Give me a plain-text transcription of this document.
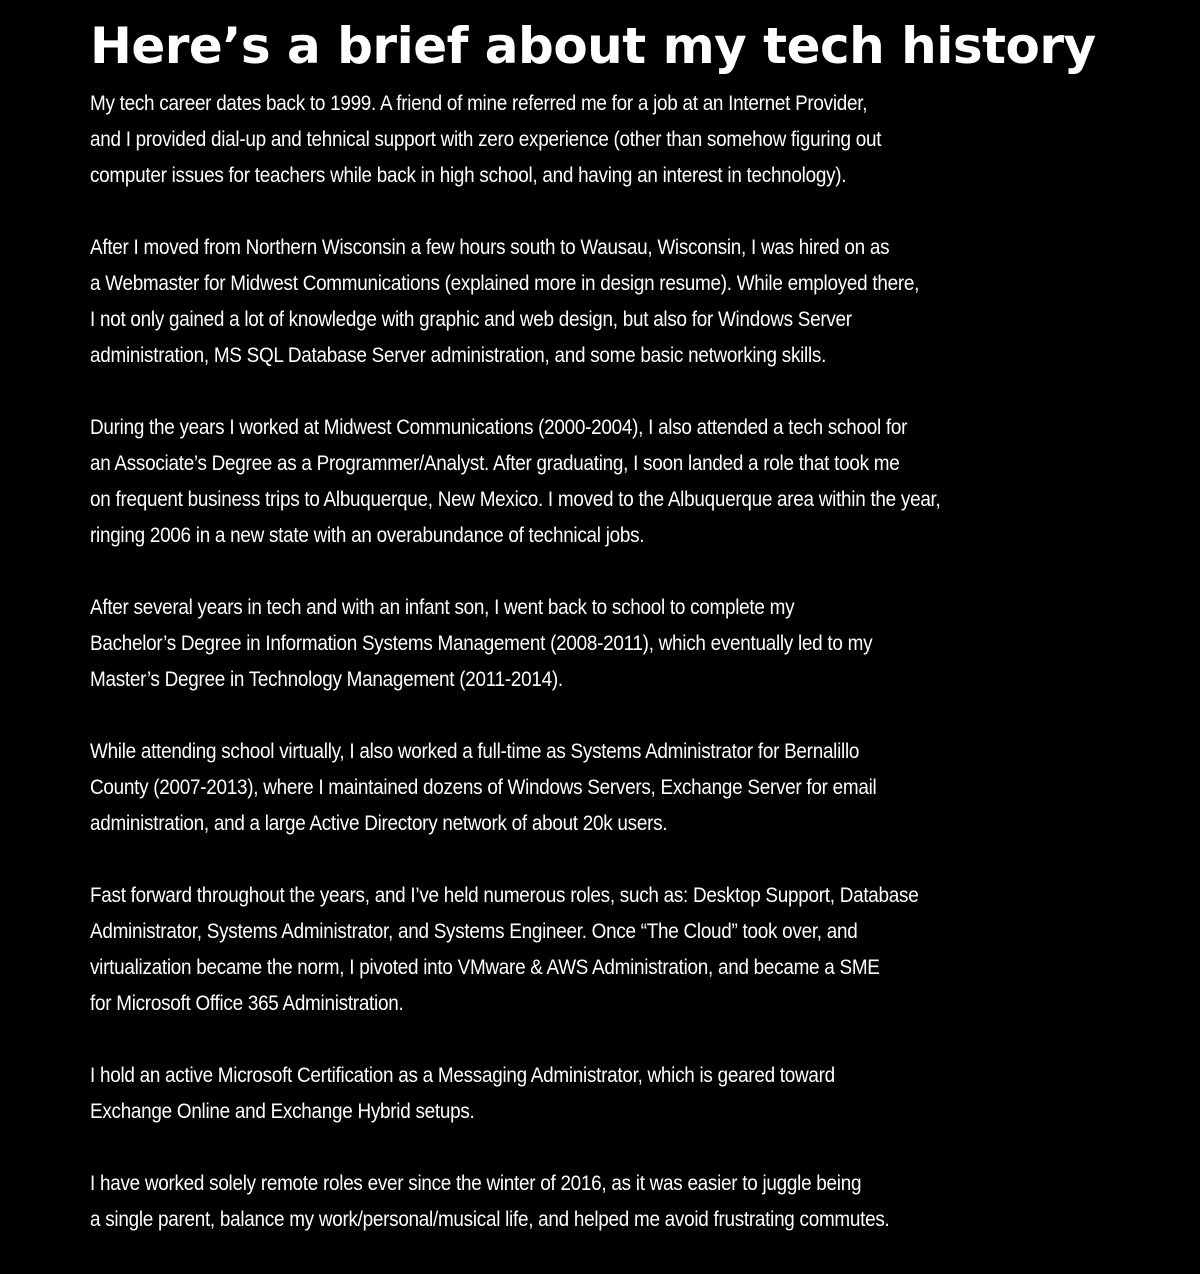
Here’s a brief about my tech history

My tech career dates back to 1999. A friend of mine referred me for a job at an Internet Provider,
and I provided dial-up and tehnical support with zero experience (other than somehow figuring out
computer issues for teachers while back in high school, and having an interest in technology).

After I moved from Northern Wisconsin a few hours south to Wausau, Wisconsin, I was hired on as
a Webmaster for Midwest Communications (explained more in design resume). While employed there,
I not only gained a lot of knowledge with graphic and web design, but also for Windows Server
administration, MS SQL Database Server administration, and some basic networking skills.

During the years I worked at Midwest Communications (2000-2004), I also attended a tech school for
an Associate’s Degree as a Programmer/Analyst. After graduating, I soon landed a role that took me
on frequent business trips to Albuquerque, New Mexico. I moved to the Albuquerque area within the year,
ringing 2006 in a new state with an overabundance of technical jobs.

After several years in tech and with an infant son, I went back to school to complete my
Bachelor’s Degree in Information Systems Management (2008-2011), which eventually led to my
Master’s Degree in Technology Management (2011-2014).

While attending school virtually, I also worked a full-time as Systems Administrator for Bernalillo
County (2007-2013), where I maintained dozens of Windows Servers, Exchange Server for email
administration, and a large Active Directory network of about 20k users.

Fast forward throughout the years, and I’ve held numerous roles, such as: Desktop Support, Database
Administrator, Systems Administrator, and Systems Engineer. Once “The Cloud” took over, and
virtualization became the norm, I pivoted into VMware & AWS Administration, and became a SME
for Microsoft Office 365 Administration.

I hold an active Microsoft Certification as a Messaging Administrator, which is geared toward
Exchange Online and Exchange Hybrid setups.

I have worked solely remote roles ever since the winter of 2016, as it was easier to juggle being
a single parent, balance my work/personal/musical life, and helped me avoid frustrating commutes.
